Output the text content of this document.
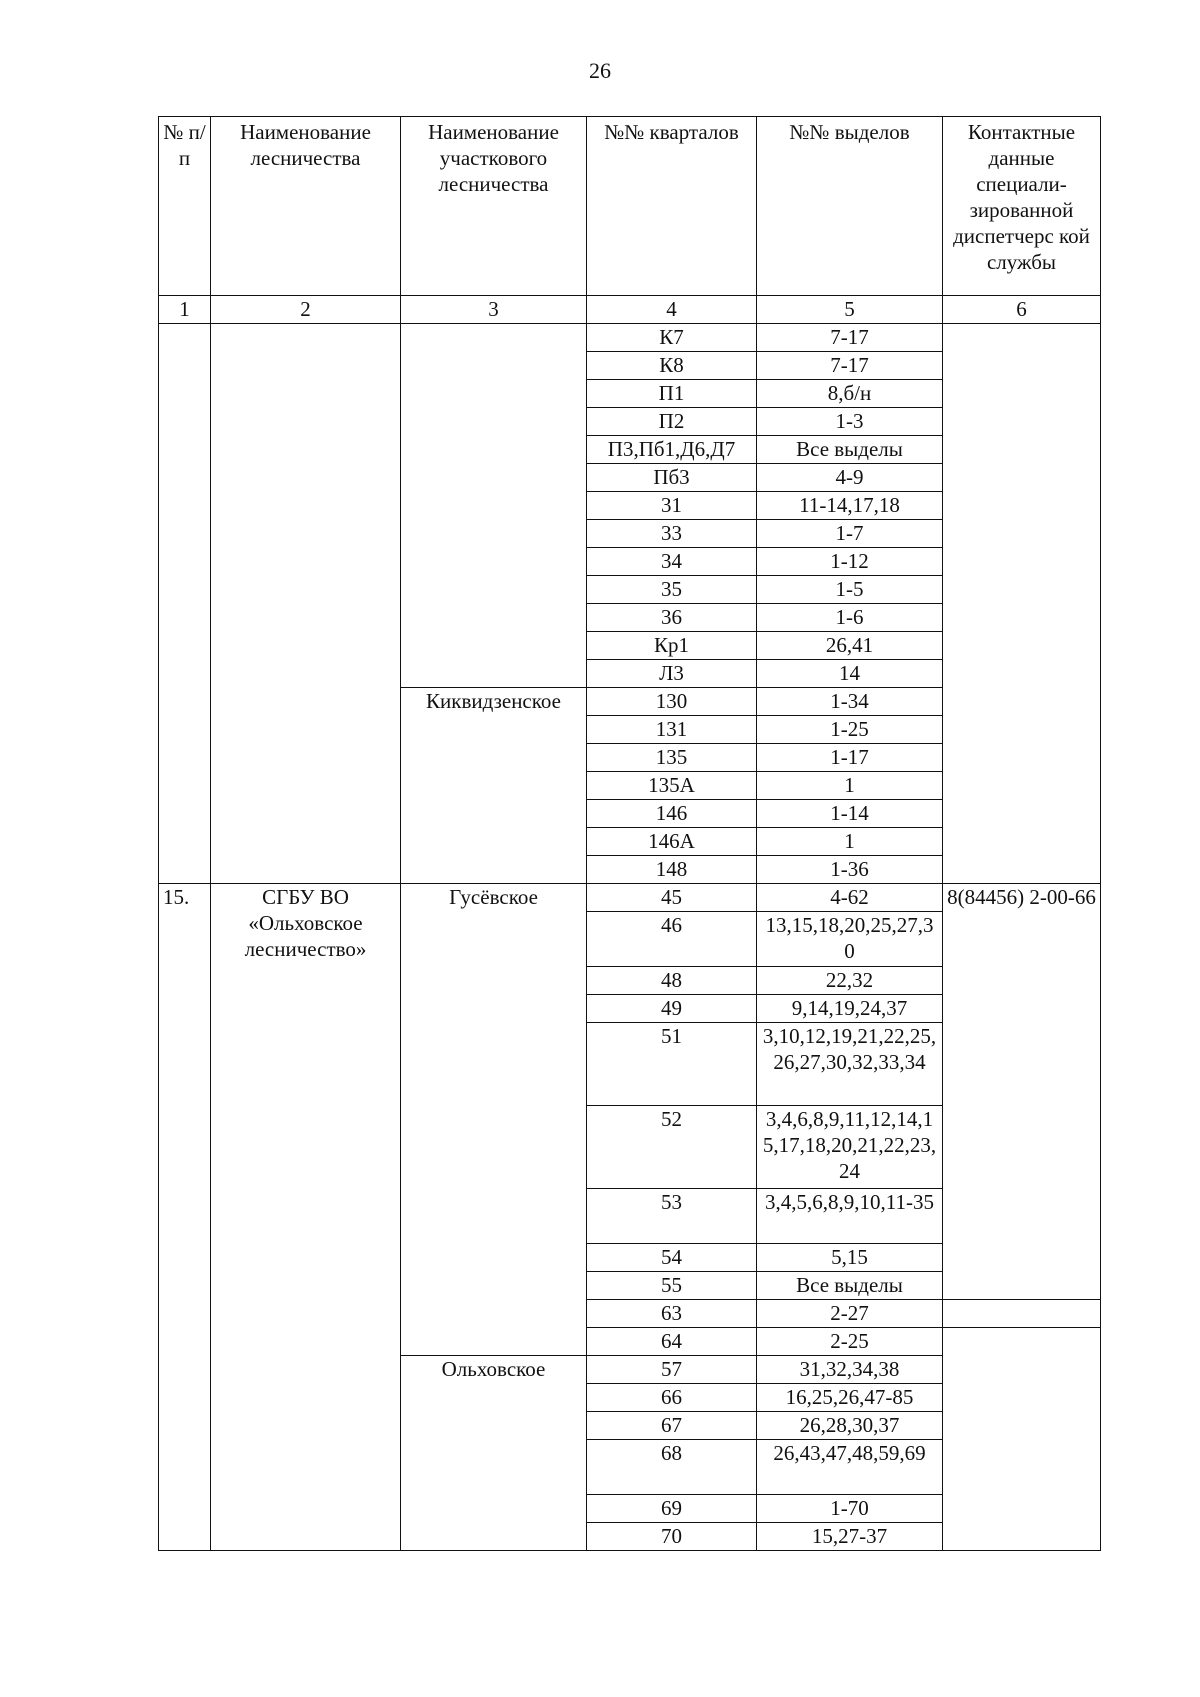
26
№ п/п	Наименование лесничества	Наименование участкового лесничества	№№ кварталов	№№ выделов	Контактные данные специали-зированной диспетчерс кой службы
1	2	3	4	5	6
			К7	7-17	
			К8	7-17	
			П1	8,б/н	
			П2	1-3	
			П3,Пб1,Д6,Д7	Все выделы	
			Пб3	4-9	
			31	11-14,17,18	
			33	1-7	
			34	1-12	
			35	1-5	
			36	1-6	
			Кр1	26,41	
			Л3	14	
		Киквидзенское	130	1-34	
			131	1-25	
			135	1-17	
			135А	1	
			146	1-14	
			146А	1	
			148	1-36	
15.	СГБУ ВО «Ольховское лесничество»	Гусёвское	45	4-62	8(84456) 2-00-66
			46	13,15,18,20,25,27,30	
			48	22,32	
			49	9,14,19,24,37	
			51	3,10,12,19,21,22,25,26,27,30,32,33,34	
			52	3,4,6,8,9,11,12,14,15,17,18,20,21,22,23,24	
			53	3,4,5,6,8,9,10,11-35	
			54	5,15	
			55	Все выделы	
			63	2-27	
			64	2-25	
		Ольховское	57	31,32,34,38	
			66	16,25,26,47-85	
			67	26,28,30,37	
			68	26,43,47,48,59,69	
			69	1-70	
			70	15,27-37	
